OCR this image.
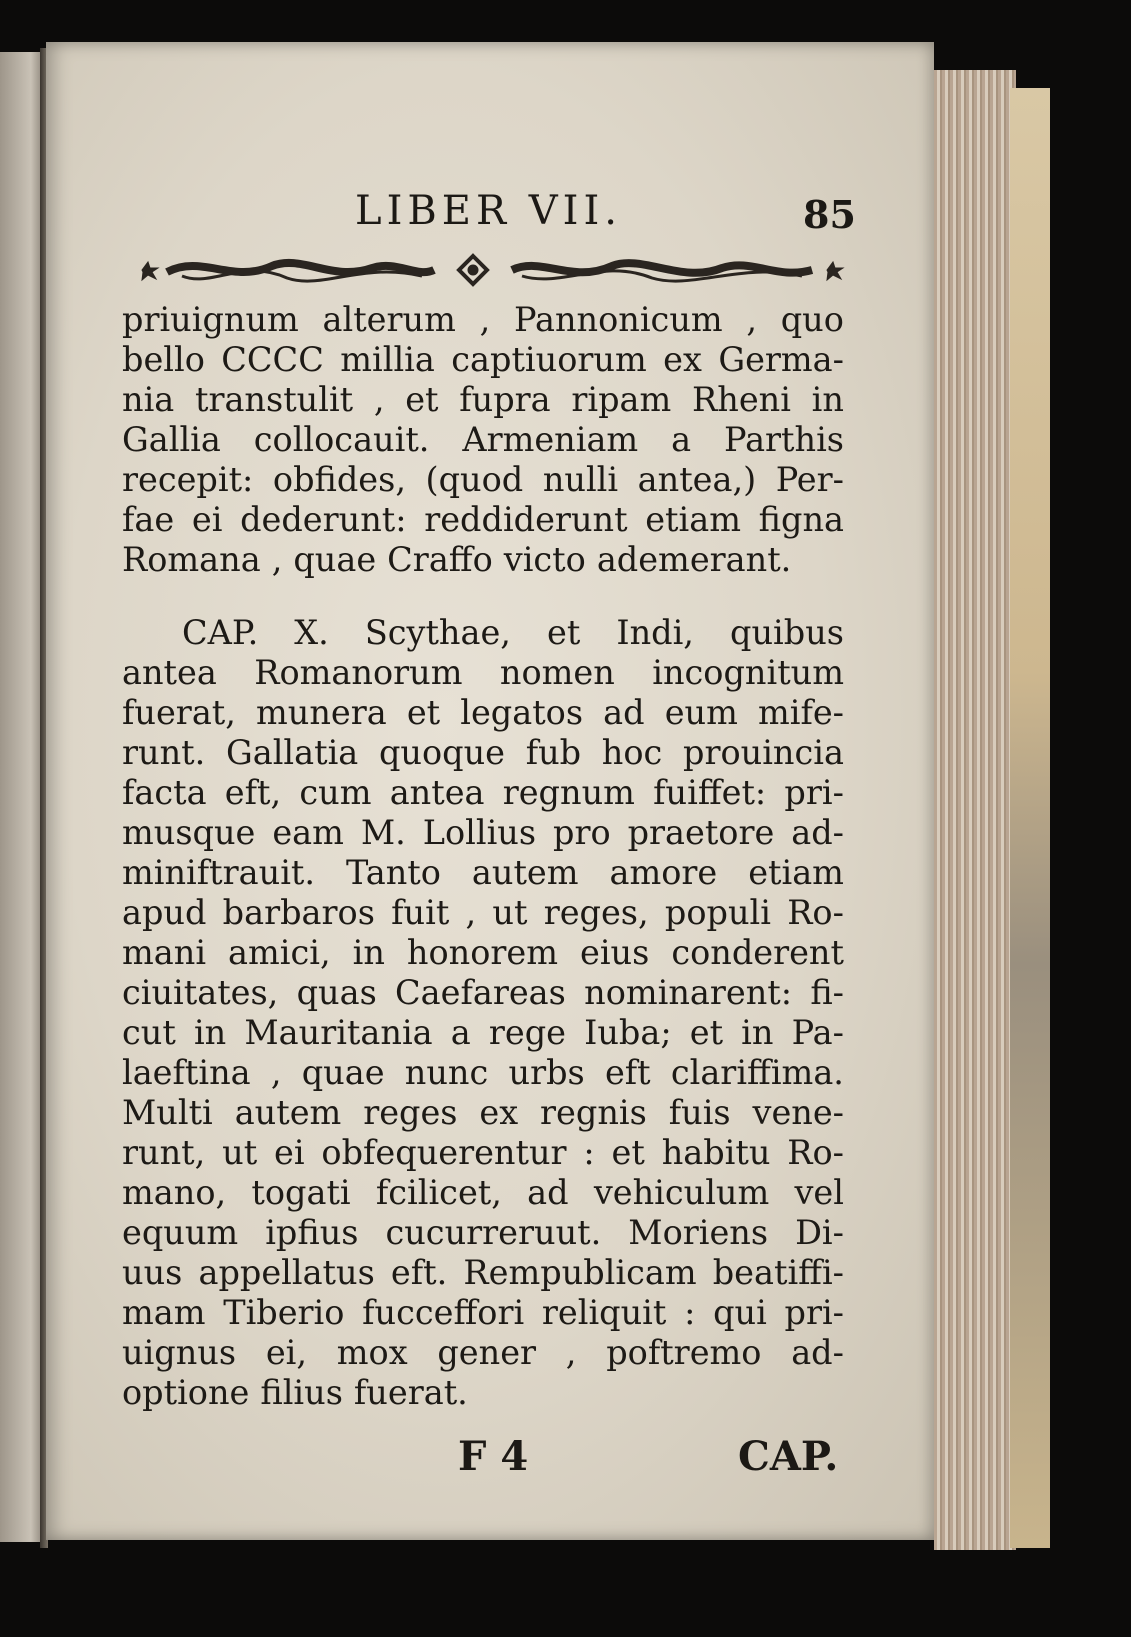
LIBER VII.	85
priuignum alterum , Pannonicum , quo
bello CCCC millia captiuorum ex Germa-
nia transtulit , et fupra ripam Rheni in
Gallia collocauit. Armeniam a Parthis
recepit: obfides, (quod nulli antea,) Per-
fae ei dederunt: reddiderunt etiam figna
Romana , quae Craffo victo ademerant.
CAP. X. Scythae, et Indi, quibus
antea Romanorum nomen incognitum
fuerat, munera et legatos ad eum mife-
runt. Gallatia quoque fub hoc prouincia
facta eft, cum antea regnum fuiffet: pri-
musque eam M. Lollius pro praetore ad-
miniftrauit. Tanto autem amore etiam
apud barbaros fuit , ut reges, populi Ro-
mani amici, in honorem eius conderent
ciuitates, quas Caefareas nominarent: fi-
cut in Mauritania a rege Iuba; et in Pa-
laeftina , quae nunc urbs eft clariffima.
Multi autem reges ex regnis fuis vene-
runt, ut ei obfequerentur : et habitu Ro-
mano, togati fcilicet, ad vehiculum vel
equum ipfius cucurreruut. Moriens Di-
uus appellatus eft. Rempublicam beatiffi-
mam Tiberio fucceffori reliquit : qui pri-
uignus ei, mox gener , poftremo ad-
optione filius fuerat.
F 4	CAP.
